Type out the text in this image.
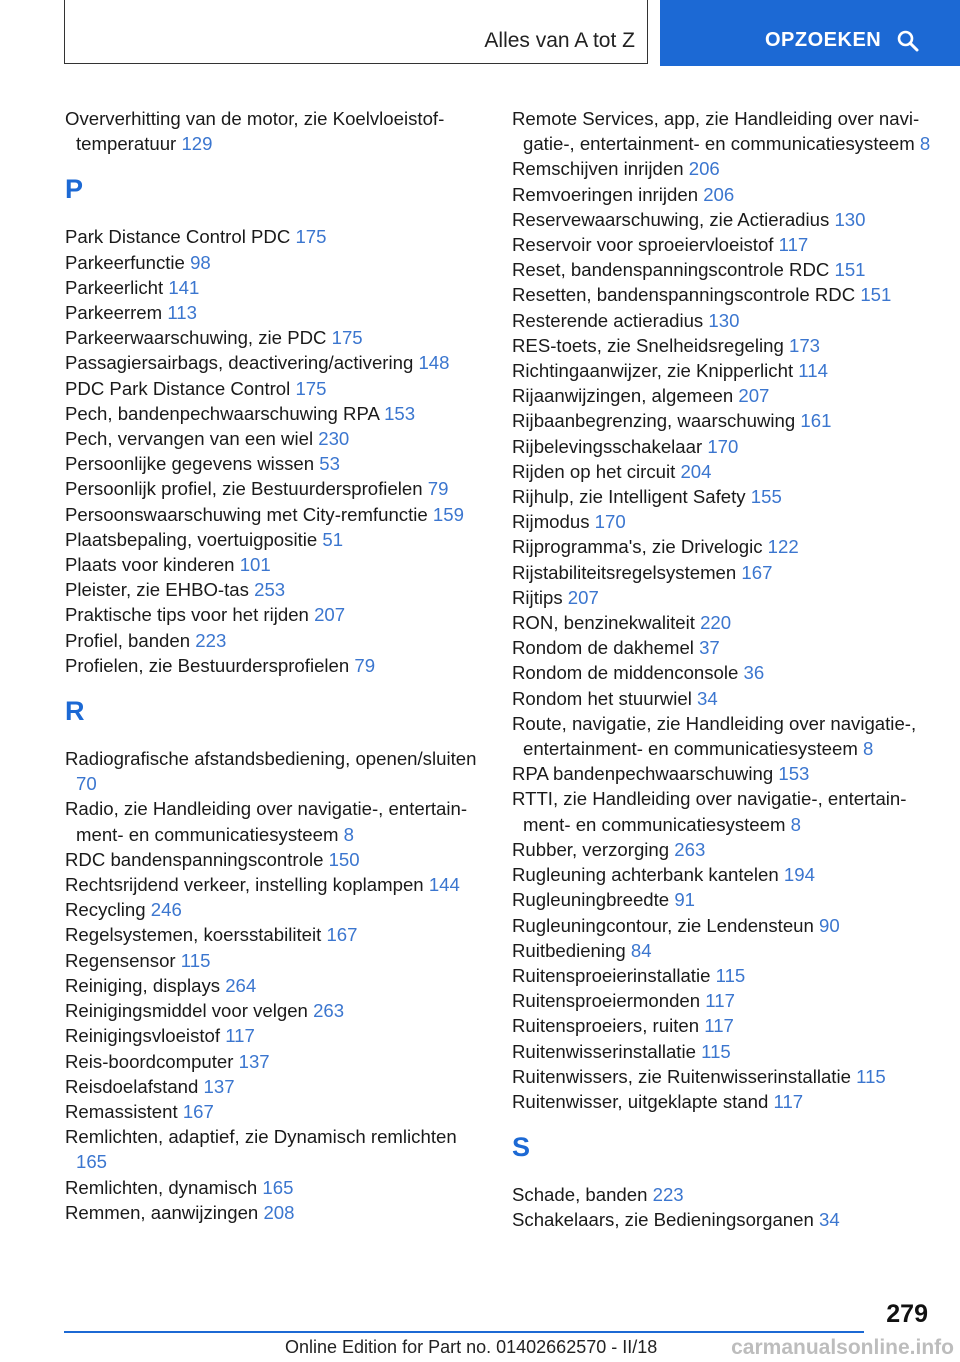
Alles van A tot Z	OPZOEKEN
Oververhitting van de motor, zie Koelvloeistoftemperatuur 129
P
Park Distance Control PDC 175
Parkeerfunctie 98
Parkeerlicht 141
Parkeerrem 113
Parkeerwaarschuwing, zie PDC 175
Passagiersairbags, deactivering/activering 148
PDC Park Distance Control 175
Pech, bandenpechwaarschuwing RPA 153
Pech, vervangen van een wiel 230
Persoonlijke gegevens wissen 53
Persoonlijk profiel, zie Bestuurdersprofielen 79
Persoonswaarschuwing met City-remfunctie 159
Plaatsbepaling, voertuigpositie 51
Plaats voor kinderen 101
Pleister, zie EHBO-tas 253
Praktische tips voor het rijden 207
Profiel, banden 223
Profielen, zie Bestuurdersprofielen 79
R
Radiografische afstandsbediening, openen/sluiten 70
Radio, zie Handleiding over navigatie-, entertainment- en communicatiesysteem 8
RDC bandenspanningscontrole 150
Rechtsrijdend verkeer, instelling koplampen 144
Recycling 246
Regelsystemen, koersstabiliteit 167
Regensensor 115
Reiniging, displays 264
Reinigingsmiddel voor velgen 263
Reinigingsvloeistof 117
Reis-boordcomputer 137
Reisdoelafstand 137
Remassistent 167
Remlichten, adaptief, zie Dynamisch remlichten 165
Remlichten, dynamisch 165
Remmen, aanwijzingen 208
Remote Services, app, zie Handleiding over navigatie-, entertainment- en communicatiesysteem 8
Remschijven inrijden 206
Remvoeringen inrijden 206
Reservewaarschuwing, zie Actieradius 130
Reservoir voor sproeiervloeistof 117
Reset, bandenspanningscontrole RDC 151
Resetten, bandenspanningscontrole RDC 151
Resterende actieradius 130
RES-toets, zie Snelheidsregeling 173
Richtingaanwijzer, zie Knipperlicht 114
Rijaanwijzingen, algemeen 207
Rijbaanbegrenzing, waarschuwing 161
Rijbelevingsschakelaar 170
Rijden op het circuit 204
Rijhulp, zie Intelligent Safety 155
Rijmodus 170
Rijprogramma's, zie Drivelogic 122
Rijstabiliteitsregelsystemen 167
Rijtips 207
RON, benzinekwaliteit 220
Rondom de dakhemel 37
Rondom de middenconsole 36
Rondom het stuurwiel 34
Route, navigatie, zie Handleiding over navigatie-, entertainment- en communicatiesysteem 8
RPA bandenpechwaarschuwing 153
RTTI, zie Handleiding over navigatie-, entertainment- en communicatiesysteem 8
Rubber, verzorging 263
Rugleuning achterbank kantelen 194
Rugleuningbreedte 91
Rugleuningcontour, zie Lendensteun 90
Ruitbediening 84
Ruitensproeierinstallatie 115
Ruitensproeiermonden 117
Ruitensproeiers, ruiten 117
Ruitenwisserinstallatie 115
Ruitenwissers, zie Ruitenwisserinstallatie 115
Ruitenwisser, uitgeklapte stand 117
S
Schade, banden 223
Schakelaars, zie Bedieningsorganen 34
279
Online Edition for Part no. 01402662570 - II/18	carmanualsonline.info
